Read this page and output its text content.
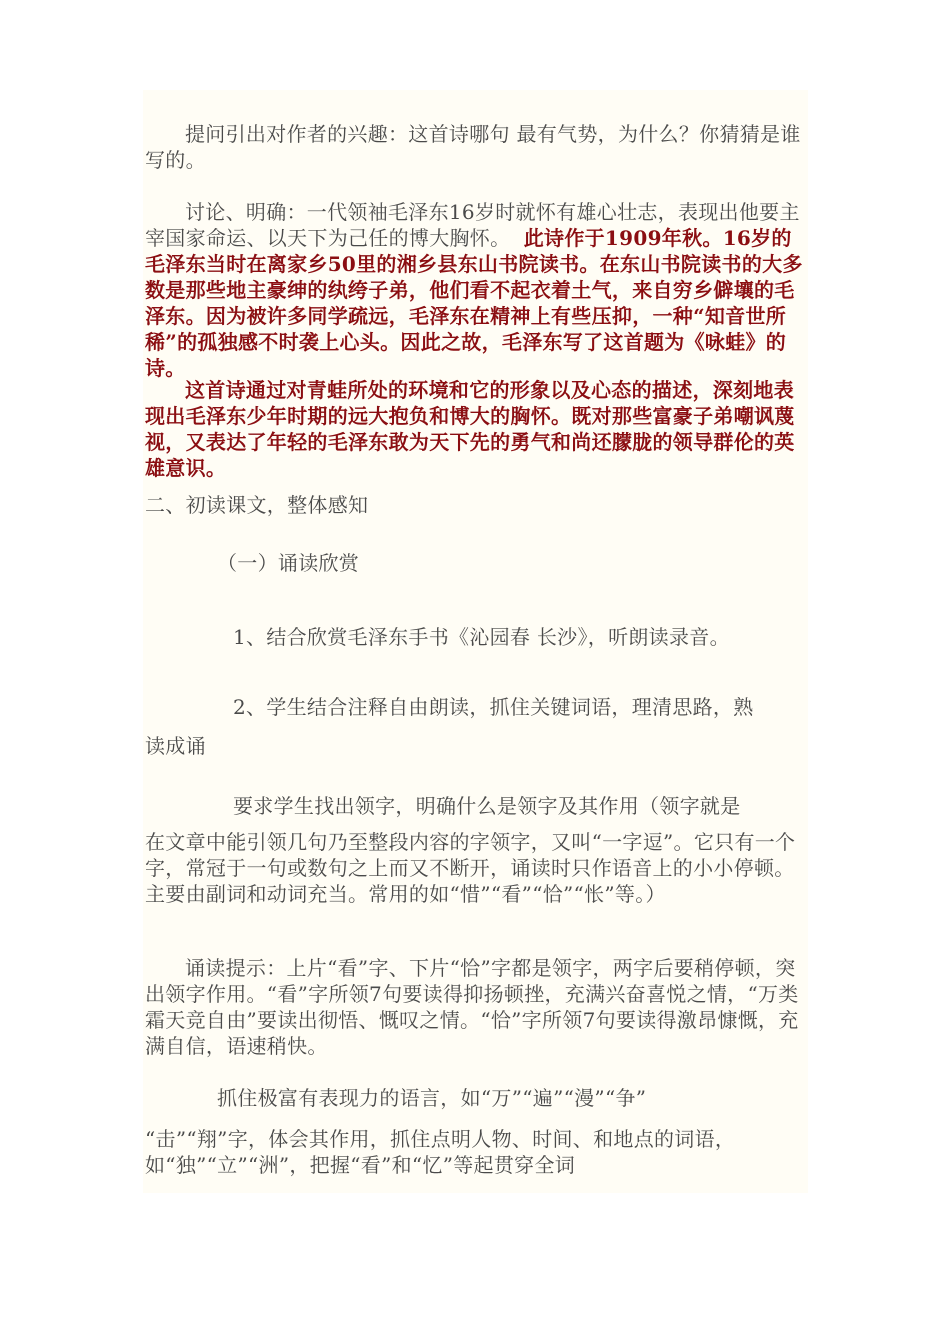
提问引出对作者的兴趣：这首诗哪句 最有气势，为什么？你猜猜是谁写的。

讨论、明确：一代领袖毛泽东16岁时就怀有雄心壮志，表现出他要主宰国家命运、以天下为己任的博大胸怀。 此诗作于1909年秋。16岁的毛泽东当时在离家乡50里的湘乡县东山书院读书。在东山书院读书的大多数是那些地主豪绅的纨绔子弟，他们看不起衣着土气，来自穷乡僻壤的毛泽东。因为被许多同学疏远，毛泽东在精神上有些压抑，一种“知音世所稀”的孤独感不时袭上心头。因此之故，毛泽东写了这首题为《咏蛙》的诗。

这首诗通过对青蛙所处的环境和它的形象以及心态的描述，深刻地表现出毛泽东少年时期的远大抱负和博大的胸怀。既对那些富豪子弟嘲讽蔑视，又表达了年轻的毛泽东敢为天下先的勇气和尚还朦胧的领导群伦的英雄意识。

二、初读课文，整体感知

（一）诵读欣赏

1、结合欣赏毛泽东手书《沁园春 长沙》，听朗读录音。

2、学生结合注释自由朗读，抓住关键词语，理清思路，熟

读成诵

要求学生找出领字，明确什么是领字及其作用（领字就是

在文章中能引领几句乃至整段内容的字领字，又叫“一字逗”。它只有一个字，常冠于一句或数句之上而又不断开，诵读时只作语音上的小小停顿。主要由副词和动词充当。常用的如“惜”“看”“恰”“怅”等。）

诵读提示：上片“看”字、下片“恰”字都是领字，两字后要稍停顿，突出领字作用。“看”字所领7句要读得抑扬顿挫，充满兴奋喜悦之情，“万类霜天竞自由”要读出彻悟、慨叹之情。“恰”字所领7句要读得激昂慷慨，充满自信，语速稍快。

抓住极富有表现力的语言，如“万”“遍”“漫”“争”

“击”“翔”字，体会其作用，抓住点明人物、时间、和地点的词语，如“独”“立”“洲”，把握“看”和“忆”等起贯穿全词
